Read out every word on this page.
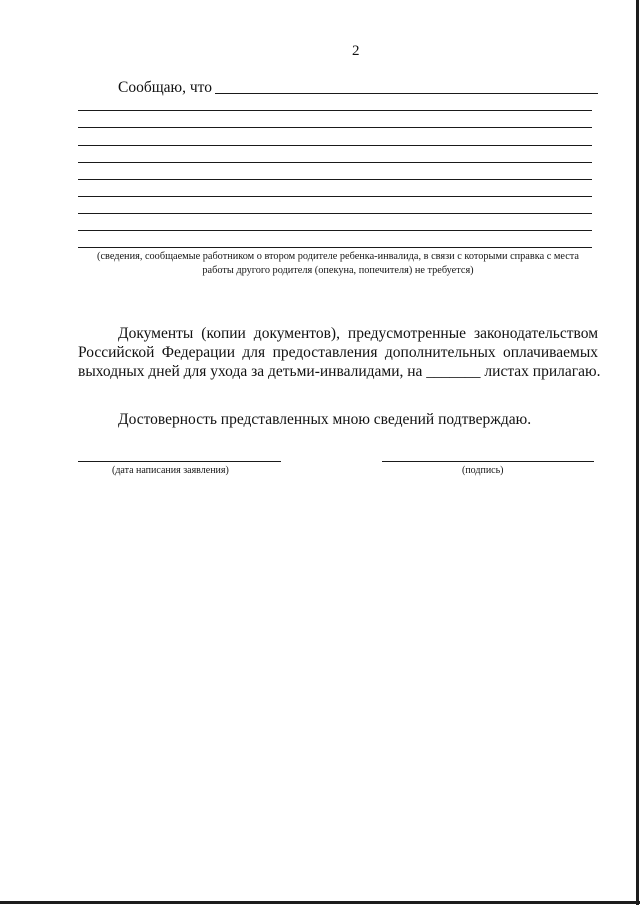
2
Сообщаю, что
(сведения, сообщаемые работником о втором родителе ребенка-инвалида, в связи с которыми справка с места
работы другого родителя (опекуна, попечителя) не требуется)
Документы (копии документов), предусмотренные законодательством
Российской Федерации для предоставления дополнительных оплачиваемых
выходных дней для ухода за детьми-инвалидами, на _______ листах прилагаю.
Достоверность представленных мною сведений подтверждаю.
(дата написания заявления)	(подпись)
